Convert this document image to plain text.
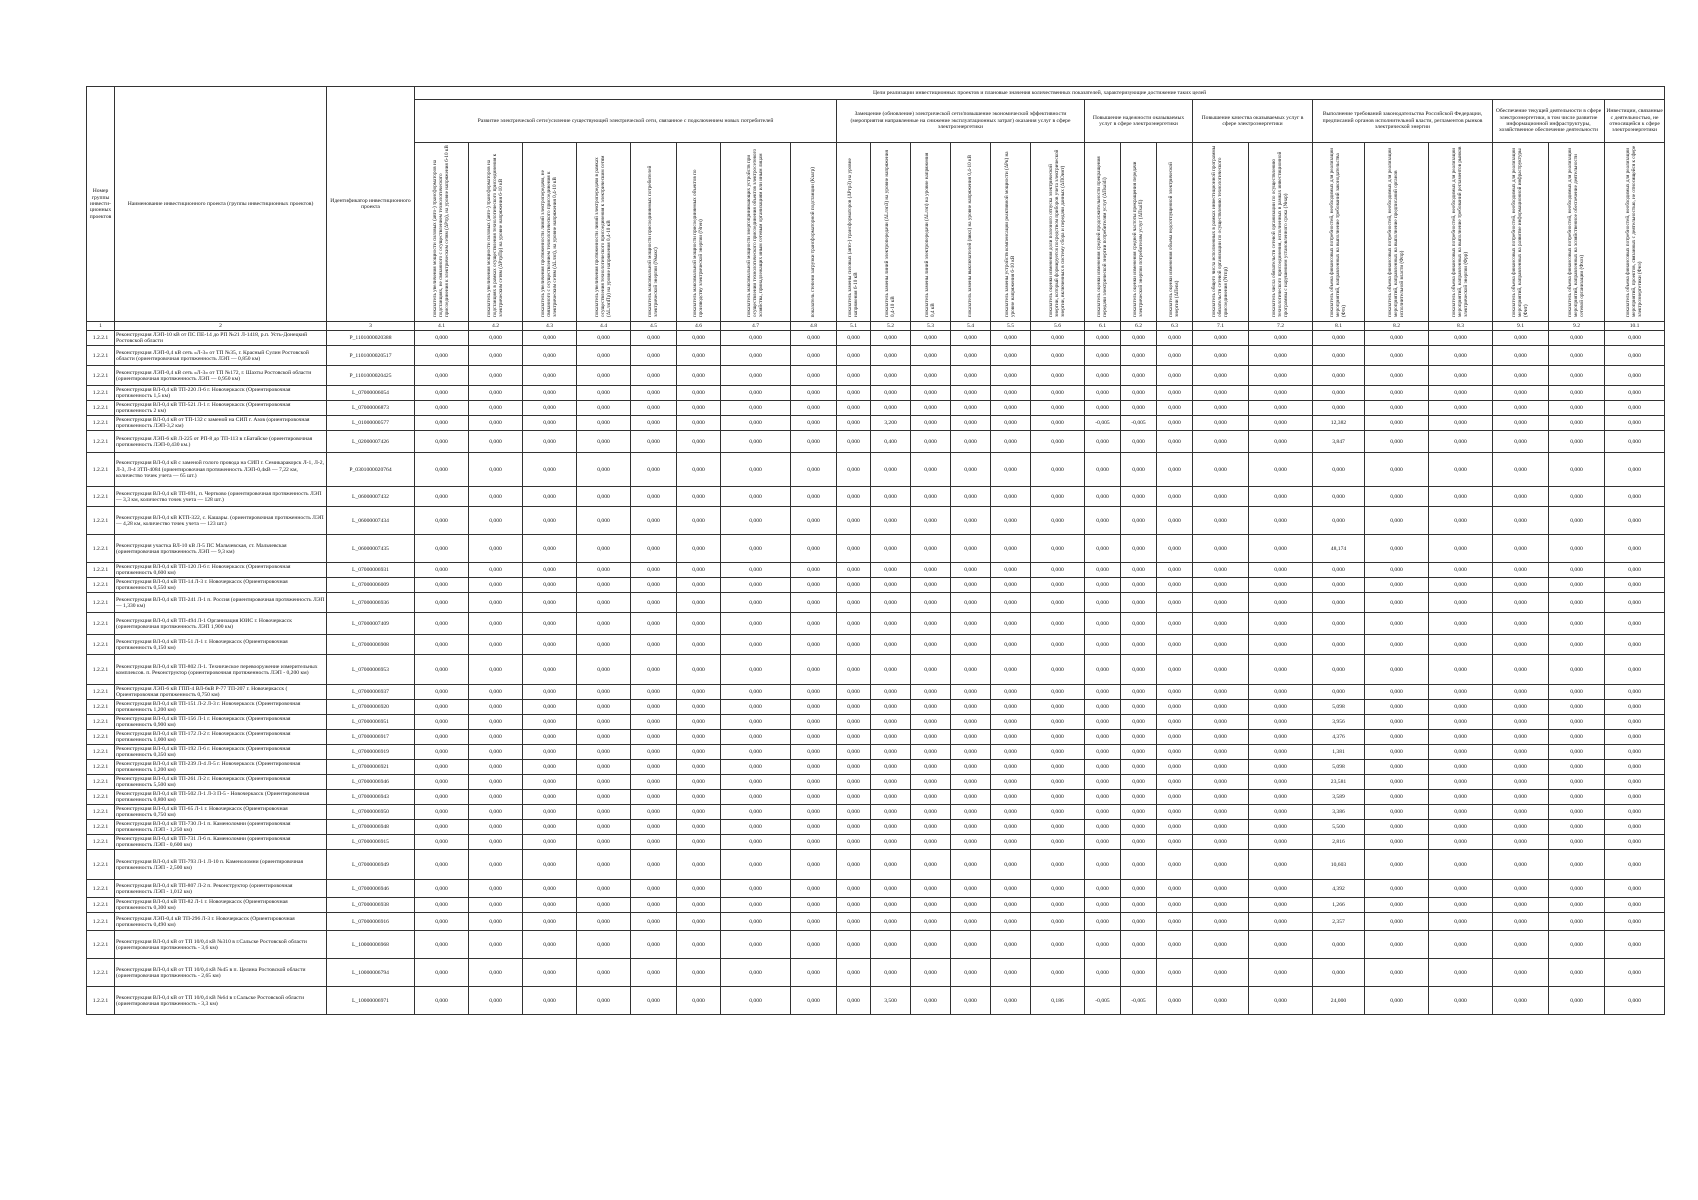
Номер группы инвести-ционных проектов	Наименование инвестиционного проекта (группы инвестиционных проектов)	Идентификатор инвестиционного проекта	Цели реализации инвестиционных проектов и плановые значения количественных показателей, характеризующие достижение таких целей																								
			Развитие электрической сети/усиление существующей электрической сети, связанное с подключением новых потребителей								Замещение (обновление) электрической сети/повышение экономической эффективности (мероприятия направленные на снижение эксплуатационных затрат) оказания услуг в сфере электроэнергетики						Повышение надежности оказываемых услуг в сфере электроэнергетики			Повышение качества оказываемых услуг в сфере электроэнергетики		Выполнение требований законодательства Российской Федерации, предписаний органов исполнительной власти, регламентов рынков электрической энергии			Обеспечение текущей деятельности в сфере электроэнергетики, в том числе развитие информационной инфраструктуры, хозяйственное обеспечение деятельности		Инвестиции, связанные с деятельностью, не относящейся к сфере электроэнергетики
			показатель увеличения мощности силовых (авто-) трансформаторов на подстанциях, не связанного с осуществлением технологического присоединения к электрическим сетям (ΔPтр), на уровне напряжения 6-10 кВ	показатель увеличения мощности силовых (авто-) трансформаторов на подстанциях в рамках осуществления технологического присоединения к электрическим сетям (ΔPтрПр) на уровне напряжения 6-10 кВ	показатель увеличения протяженности линий электропередачи, не связанного с осуществлением технологического присоединения к электрическим сетям (ΔLлэп), на уровне напряжения 0,4-10 кВ	показатель увеличения протяженности линий электропередачи в рамках осуществления технологического присоединения к электрическим сетям (ΔLлэпПр) на уровне напряжения 0,4-10 кВ	показатель максимальной мощности присоединяемых потребителей электрической энергии (Nмакс)	показатель максимальной мощности присоединяемых объектов по производству электрической энергии (Nген)	показатель максимальной мощности энергопринимающих устройств при осуществлении технологического присоединения объектов электросетевого хозяйства, принадлежащих иным сетевым организациям или иным лицам	показатель степени загрузки трансформаторной подстанции (Кзагр)	показатель замены силовых (авто-) трансформаторов (ΔPтрЗ) на уровне напряжения 6-10 кВ	показатель замены линий электропередачи (ΔLлэпЗ) на уровне напряжения 0,4-10 кВ	показатель замены линий электропередачи (ΔLлэп) на уровне напряжения 0,4 кВ	показатель замены выключателей (nвкл) на уровне напряжения 0,4-10 кВ	показатель замены устройств компенсации реактивной мощности (ΔPк) на уровне напряжения 6-10 кВ	показатель оценки изменения доли полезного отпуска электрической энергии, который формируется посредством приборов учета электрической энергии, включенных в систему сбора и передачи данных (ΔПОинт)	показатель оценки изменения средней продолжительности прекращения передачи электрической энергии потребителям услуг (ΔПsaidi)	показатель оценки изменения средней частоты прекращения передачи электрической энергии потребителям услуг (ΔПsaifi)	показатель оценки изменения объема недоотпущенной электрической энергии (ΔПens)	показатель общего числа исполненных в рамках инвестиционной программы обязательств сетевой организации по осуществлению технологического присоединения (Nтпр)	показатель числа обязательств сетевой организации по осуществлению технологического присоединения, исполненных в рамках инвестиционной программы с нарушением установленного срока (Nнар)	показатель объема финансовых потребностей, необходимых для реализации мероприятий, направленных на выполнение требований законодательства (Фтз)	показатель объема финансовых потребностей, необходимых для реализации мероприятий, направленных на выполнение предписаний органов исполнительной власти (Фпр)	показатель объема финансовых потребностей, необходимых для реализации мероприятий, направленных на выполнение требований регламентов рынков электрической энергии (Фрр)	показатель объема финансовых потребностей, необходимых для реализации мероприятий, направленных на развитие информационной инфраструктуры (Фит)	показатель объема финансовых потребностей, необходимых для реализации мероприятий, направленных на хозяйственное обеспечение деятельности сетевой организации (Фхоз)	показатель объема финансовых потребностей, необходимых для реализации мероприятий, проектов, связанных с деятельностью, не относящейся к сфере электроэнергетики (Фнэ)
1	2	3	4.1	4.2	4.3	4.4	4.5	4.6	4.7	4.8	5.1	5.2	5.3	5.4	5.5	5.6	6.1	6.2	6.3	7.1	7.2	8.1	8.2	8.3	9.1	9.2	10.1
1.2.2.1	Реконструкция ЛЭП-10 кВ от ПС ПЕ-14 до РП №21 Л-1418, р.п. Усть-Донецкий Ростовской области	P_1101000020388	0,000	0,000	0,000	0,000	0,000	0,000	0,000	0,000	0,000	0,000	0,000	0,000	0,000	0,000	0,000	0,000	0,000	0,000	0,000	0,000	0,000	0,000	0,000	0,000	0,000
1.2.2.1	Реконструкция ЛЭП-0,4 кВ сеть «Л-3» от ТП №35, г. Красный Сулин Ростовской области (ориентировочная протяженность ЛЭП — 0,850 км)	P_1101000020517	0,000	0,000	0,000	0,000	0,000	0,000	0,000	0,000	0,000	0,000	0,000	0,000	0,000	0,000	0,000	0,000	0,000	0,000	0,000	0,000	0,000	0,000	0,000	0,000	0,000
1.2.2.1	Реконструкция ЛЭП-0,4 кВ сеть «Л-3» от ТП №172, г. Шахты Ростовской области (ориентировочная протяженность ЛЭП — 0,950 км)	P_1101000020425	0,000	0,000	0,000	0,000	0,000	0,000	0,000	0,000	0,000	0,000	0,000	0,000	0,000	0,000	0,000	0,000	0,000	0,000	0,000	0,000	0,000	0,000	0,000	0,000	0,000
1.2.2.1	Реконструкция ВЛ-0,4 кВ ТП-220 Л-6 г. Новочеркасск (Ориентировочная протяженность 1,5 км)	L_07000006054	0,000	0,000	0,000	0,000	0,000	0,000	0,000	0,000	0,000	0,000	0,000	0,000	0,000	0,000	0,000	0,000	0,000	0,000	0,000	0,000	0,000	0,000	0,000	0,000	0,000
1.2.2.1	Реконструкция ВЛ-0,4 кВ ТП-521 Л-1 г. Новочеркасск (Ориентировочная протяженность 2 км)	L_07000006873	0,000	0,000	0,000	0,000	0,000	0,000	0,000	0,000	0,000	0,000	0,000	0,000	0,000	0,000	0,000	0,000	0,000	0,000	0,000	0,000	0,000	0,000	0,000	0,000	0,000
1.2.2.1	Реконструкция ВЛ-0,4 кВ от ТП-132 с заменой на СИП г. Азов (ориентировочная протяженность ЛЭП-3,2 км)	L_01000000577	0,000	0,000	0,000	0,000	0,000	0,000	0,000	0,000	0,000	3,200	0,000	0,000	0,000	0,000	-0,005	-0,005	0,000	0,000	0,000	12,382	0,000	0,000	0,000	0,000	0,000
1.2.2.1	Реконструкция ЛЭП-6 кВ Л-225 от РП-8 до ТП-113 в г.Батайске (ориентировочная протяженность ЛЭП-0,430 км.)	L_02000007426	0,000	0,000	0,000	0,000	0,000	0,000	0,000	0,000	0,000	0,400	0,000	0,000	0,000	0,000	0,000	0,000	0,000	0,000	0,000	3,847	0,000	0,000	0,000	0,000	0,000
1.2.2.1	Реконструкция ВЛ-0,4 кВ с заменой голого провода на СИП г. Семикаракорск Л-1, Л-2, Л-3, Л-4 ЗТП-4084 (ориентировочная протяженность ЛЭП-0,4кВ — 7,22 км, количество точек учета — 65 шт.)	P_0301000020764	0,000	0,000	0,000	0,000	0,000	0,000	0,000	0,000	0,000	0,000	0,000	0,000	0,000	0,000	0,000	0,000	0,000	0,000	0,000	0,000	0,000	0,000	0,000	0,000	0,000
1.2.2.1	Реконструкция ВЛ-0,4 кВ ТП-691, п. Чертково (ориентировочная протяженность ЛЭП — 3,3 км, количество точек учета — 128 шт.)	L_06000007432	0,000	0,000	0,000	0,000	0,000	0,000	0,000	0,000	0,000	0,000	0,000	0,000	0,000	0,000	0,000	0,000	0,000	0,000	0,000	0,000	0,000	0,000	0,000	0,000	0,000
1.2.2.1	Реконструкция ВЛ-0,4 кВ КТП-322, с. Кашары. (ориентировочная протяженность ЛЭП — 4,28 км, количество точек учета — 123 шт.)	L_06000007434	0,000	0,000	0,000	0,000	0,000	0,000	0,000	0,000	0,000	0,000	0,000	0,000	0,000	0,000	0,000	0,000	0,000	0,000	0,000	0,000	0,000	0,000	0,000	0,000	0,000
1.2.2.1	Реконструкция участка ВЛ-10 кВ Л-5 ПС Мальчевская, ст. Мальчевская (ориентировочная протяженность ЛЭП — 9,3 км)	L_06000007435	0,000	0,000	0,000	0,000	0,000	0,000	0,000	0,000	0,000	0,000	0,000	0,000	0,000	0,000	0,000	0,000	0,000	0,000	0,000	48,174	0,000	0,000	0,000	0,000	0,000
1.2.2.1	Реконструкция ВЛ-0,4 кВ ТП-120 Л-6 г. Новочеркасск (Ориентировочная протяженность 0,600 км)	L_07000006931	0,000	0,000	0,000	0,000	0,000	0,000	0,000	0,000	0,000	0,000	0,000	0,000	0,000	0,000	0,000	0,000	0,000	0,000	0,000	0,000	0,000	0,000	0,000	0,000	0,000
1.2.2.1	Реконструкция ВЛ-0,4 кВ ТП-14 Л-3 г. Новочеркасск (Ориентировочная протяженность 0,550 км)	L_07000006009	0,000	0,000	0,000	0,000	0,000	0,000	0,000	0,000	0,000	0,000	0,000	0,000	0,000	0,000	0,000	0,000	0,000	0,000	0,000	0,000	0,000	0,000	0,000	0,000	0,000
1.2.2.1	Реконструкция ВЛ-0,4 кВ ТП-241 Л-1 п. Россия (ориентировочная протяженность ЛЭП — 1,330 км)	L_07000006936	0,000	0,000	0,000	0,000	0,000	0,000	0,000	0,000	0,000	0,000	0,000	0,000	0,000	0,000	0,000	0,000	0,000	0,000	0,000	0,000	0,000	0,000	0,000	0,000	0,000
1.2.2.1	Реконструкция ВЛ-0,4 кВ ТП-494 Л-1 Организация ЮИС г. Новочеркасск (ориентировочная протяженность ЛЭП 1,900 км)	L_07000007409	0,000	0,000	0,000	0,000	0,000	0,000	0,000	0,000	0,000	0,000	0,000	0,000	0,000	0,000	0,000	0,000	0,000	0,000	0,000	0,000	0,000	0,000	0,000	0,000	0,000
1.2.2.1	Реконструкция ВЛ-0,4 кВ ТП-51 Л-1 г. Новочеркасск (Ориентировочная протяженность 0,150 км)	L_07000006908	0,000	0,000	0,000	0,000	0,000	0,000	0,000	0,000	0,000	0,000	0,000	0,000	0,000	0,000	0,000	0,000	0,000	0,000	0,000	0,000	0,000	0,000	0,000	0,000	0,000
1.2.2.1	Реконструкция ВЛ-0,4 кВ ТП-802 Л-1. Техническое перевооружение измерительных комплексов. п. Реконструктор (ориентировочная протяженность ЛЭП - 0,200 км)	L_07000006953	0,000	0,000	0,000	0,000	0,000	0,000	0,000	0,000	0,000	0,000	0,000	0,000	0,000	0,000	0,000	0,000	0,000	0,000	0,000	0,000	0,000	0,000	0,000	0,000	0,000
1.2.2.1	Реконструкция ЛЭП-6 кВ ГПП-4 ВЛ-6кВ Р-77 ТП-207 г. Новочеркасск ( Ориентировочная протяженность 0,750 км)	L_07000006937	0,000	0,000	0,000	0,000	0,000	0,000	0,000	0,000	0,000	0,000	0,000	0,000	0,000	0,000	0,000	0,000	0,000	0,000	0,000	0,000	0,000	0,000	0,000	0,000	0,000
1.2.2.1	Реконструкция ВЛ-0,4 кВ ТП-151 Л-2 Л-3 г. Новочеркасск (Ориентировочная протяженность 1,200 км)	L_07000006920	0,000	0,000	0,000	0,000	0,000	0,000	0,000	0,000	0,000	0,000	0,000	0,000	0,000	0,000	0,000	0,000	0,000	0,000	0,000	5,098	0,000	0,000	0,000	0,000	0,000
1.2.2.1	Реконструкция ВЛ-0,4 кВ ТП-156 Л-1 г. Новочеркасск (Ориентировочная протяженность 0,900 км)	L_07000006951	0,000	0,000	0,000	0,000	0,000	0,000	0,000	0,000	0,000	0,000	0,000	0,000	0,000	0,000	0,000	0,000	0,000	0,000	0,000	3,956	0,000	0,000	0,000	0,000	0,000
1.2.2.1	Реконструкция ВЛ-0,4 кВ ТП-172 Л-2 г. Новочеркасск (Ориентировочная протяженность 1,000 км)	L_07000006917	0,000	0,000	0,000	0,000	0,000	0,000	0,000	0,000	0,000	0,000	0,000	0,000	0,000	0,000	0,000	0,000	0,000	0,000	0,000	4,376	0,000	0,000	0,000	0,000	0,000
1.2.2.1	Реконструкция ВЛ-0,4 кВ ТП-192 Л-6 г. Новочеркасск (Ориентировочная протяженность 0,350 км)	L_07000006919	0,000	0,000	0,000	0,000	0,000	0,000	0,000	0,000	0,000	0,000	0,000	0,000	0,000	0,000	0,000	0,000	0,000	0,000	0,000	1,381	0,000	0,000	0,000	0,000	0,000
1.2.2.1	Реконструкция ВЛ-0,4 кВ ТП-239 Л-4 Л-5 г. Новочеркасск (Ориентировочная протяженность 1,200 км)	L_07000006921	0,000	0,000	0,000	0,000	0,000	0,000	0,000	0,000	0,000	0,000	0,000	0,000	0,000	0,000	0,000	0,000	0,000	0,000	0,000	5,098	0,000	0,000	0,000	0,000	0,000
1.2.2.1	Реконструкция ВЛ-0,4 кВ ТП-261 Л-2 г. Новочеркасск (Ориентировочная протяженность 5,500 км)	L_07000006946	0,000	0,000	0,000	0,000	0,000	0,000	0,000	0,000	0,000	0,000	0,000	0,000	0,000	0,000	0,000	0,000	0,000	0,000	0,000	23,581	0,000	0,000	0,000	0,000	0,000
1.2.2.1	Реконструкция ВЛ-0,4 кВ ТП-502 Л-1 Л-3 П-5 - Новочеркасск (Ориентировочная протяженность 0,800 км)	L_07000006943	0,000	0,000	0,000	0,000	0,000	0,000	0,000	0,000	0,000	0,000	0,000	0,000	0,000	0,000	0,000	0,000	0,000	0,000	0,000	3,589	0,000	0,000	0,000	0,000	0,000
1.2.2.1	Реконструкция ВЛ-0,4 кВ ТП-65 Л-1 г. Новочеркасск (Ориентировочная протяженность 0,750 км)	L_07000006950	0,000	0,000	0,000	0,000	0,000	0,000	0,000	0,000	0,000	0,000	0,000	0,000	0,000	0,000	0,000	0,000	0,000	0,000	0,000	3,386	0,000	0,000	0,000	0,000	0,000
1.2.2.1	Реконструкция ВЛ-0,4 кВ ТП-730 Л-1 п. Каменоломни (ориентировочная протяженность ЛЭП - 1,250 км)	L_07000006948	0,000	0,000	0,000	0,000	0,000	0,000	0,000	0,000	0,000	0,000	0,000	0,000	0,000	0,000	0,000	0,000	0,000	0,000	0,000	5,500	0,000	0,000	0,000	0,000	0,000
1.2.2.1	Реконструкция ВЛ-0,4 кВ ТП-731 Л-6 п. Каменоломни (ориентировочная протяженность ЛЭП - 0,600 км)	L_07000006915	0,000	0,000	0,000	0,000	0,000	0,000	0,000	0,000	0,000	0,000	0,000	0,000	0,000	0,000	0,000	0,000	0,000	0,000	0,000	2,816	0,000	0,000	0,000	0,000	0,000
1.2.2.1	Реконструкция ВЛ-0,4 кВ ТП-793 Л-1 Л-10 п. Каменоломни (ориентировочная протяженность ЛЭП - 2,500 км)	L_07000006949	0,000	0,000	0,000	0,000	0,000	0,000	0,000	0,000	0,000	0,000	0,000	0,000	0,000	0,000	0,000	0,000	0,000	0,000	0,000	10,603	0,000	0,000	0,000	0,000	0,000
1.2.2.1	Реконструкция ВЛ-0,4 кВ ТП-807 Л-2 п. Реконструктор (ориентировочная протяженность ЛЭП - 1,012 км)	L_07000006946	0,000	0,000	0,000	0,000	0,000	0,000	0,000	0,000	0,000	0,000	0,000	0,000	0,000	0,000	0,000	0,000	0,000	0,000	0,000	4,392	0,000	0,000	0,000	0,000	0,000
1.2.2.1	Реконструкция ВЛ-0,4 кВ ТП-82 Л-1 г. Новочеркасск (Ориентировочная протяженность 0,300 км)	L_07000006938	0,000	0,000	0,000	0,000	0,000	0,000	0,000	0,000	0,000	0,000	0,000	0,000	0,000	0,000	0,000	0,000	0,000	0,000	0,000	1,266	0,000	0,000	0,000	0,000	0,000
1.2.2.1	Реконструкция ЛЭП-0,4 кВ ТП-296 Л-3 г. Новочеркасск (Ориентировочная протяженность 0,490 км)	L_07000006916	0,000	0,000	0,000	0,000	0,000	0,000	0,000	0,000	0,000	0,000	0,000	0,000	0,000	0,000	0,000	0,000	0,000	0,000	0,000	2,357	0,000	0,000	0,000	0,000	0,000
1.2.2.1	Реконструкция ВЛ-0,4 кВ от ТП 10/0,4 кВ №310 в г.Сальске Ростовской области (ориентировочная протяженность - 3,6 км)	L_10000006968	0,000	0,000	0,000	0,000	0,000	0,000	0,000	0,000	0,000	0,000	0,000	0,000	0,000	0,000	0,000	0,000	0,000	0,000	0,000	0,000	0,000	0,000	0,000	0,000	0,000
1.2.2.1	Реконструкция ВЛ-0,4 кВ от ТП 10/0,4 кВ №45 в п. Целина Ростовской области (ориентировочная протяженность - 2,65 км)	L_10000006794	0,000	0,000	0,000	0,000	0,000	0,000	0,000	0,000	0,000	0,000	0,000	0,000	0,000	0,000	0,000	0,000	0,000	0,000	0,000	0,000	0,000	0,000	0,000	0,000	0,000
1.2.2.1	Реконструкция ВЛ-0,4 кВ от ТП 10/0,4 кВ №64 в г.Сальске Ростовской области (ориентировочная протяженность - 3,3 км)	L_10000006971	0,000	0,000	0,000	0,000	0,000	0,000	0,000	0,000	0,000	3,500	0,000	0,000	0,000	0,186	-0,005	-0,005	0,000	0,000	0,000	24,000	0,000	0,000	0,000	0,000	0,000
